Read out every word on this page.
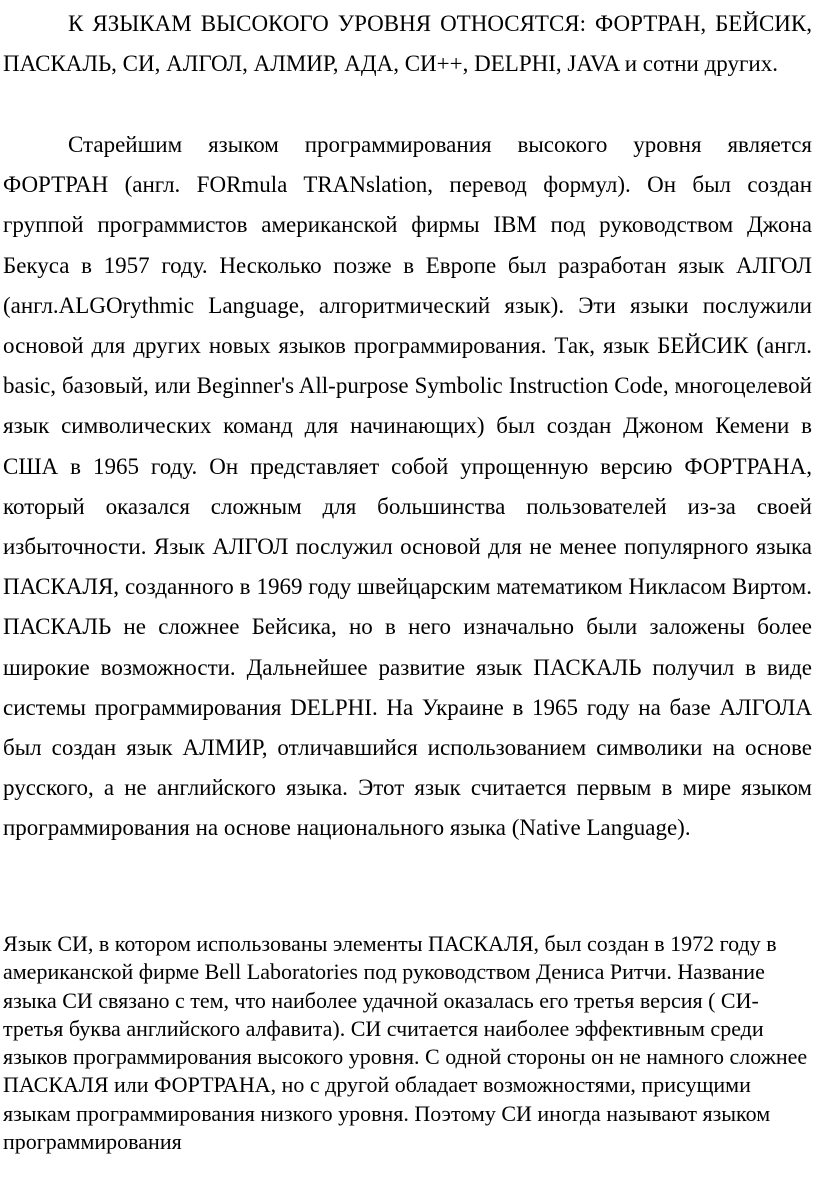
К ЯЗЫКАМ ВЫСОКОГО УРОВНЯ ОТНОСЯТСЯ: ФОРТРАН, БЕЙСИК, ПАСКАЛЬ, СИ, АЛГОЛ, АЛМИР, АДА, СИ++, DELPHI, JAVA и сотни других.

Старейшим языком программирования высокого уровня является ФОРТРАН (англ. FORmula TRANslation, перевод формул). Он был создан группой программистов американской фирмы IBM под руководством Джона Бекуса в 1957 году. Несколько позже в Европе был разработан язык АЛГОЛ (англ.ALGOrythmic Language, алгоритмический язык). Эти языки послужили основой для других новых языков программирования. Так, язык БЕЙСИК (англ. basic, базовый, или Beginner's All-purpose Symbolic Instruction Code, многоцелевой язык символических команд для начинающих) был создан Джоном Кемени в США в 1965 году. Он представляет собой упрощенную версию ФОРТРАНА, который оказался сложным для большинства пользователей из-за своей избыточности. Язык АЛГОЛ послужил основой для не менее популярного языка ПАСКАЛЯ, созданного в 1969 году швейцарским математиком Никласом Виртом. ПАСКАЛЬ не сложнее Бейсика, но в него изначально были заложены более широкие возможности. Дальнейшее развитие язык ПАСКАЛЬ получил в виде системы программирования DELPHI. На Украине в 1965 году на базе АЛГОЛА был создан язык АЛМИР, отличавшийся использованием символики на основе русского, а не английского языка. Этот язык считается первым в мире языком программирования на основе национального языка (Native Language).

Язык СИ, в котором использованы элементы ПАСКАЛЯ, был создан в 1972 году в американской фирме Bell Laboratories под руководством Дениса Ритчи. Название языка СИ связано с тем, что наиболее удачной оказалась его третья версия ( СИ- третья буква английского алфавита). СИ считается наиболее эффективным среди языков программирования высокого уровня. С одной стороны он не намного сложнее ПАСКАЛЯ или ФОРТРАНА, но с другой обладает возможностями, присущими языкам программирования низкого уровня. Поэтому СИ иногда называют языком программирования
